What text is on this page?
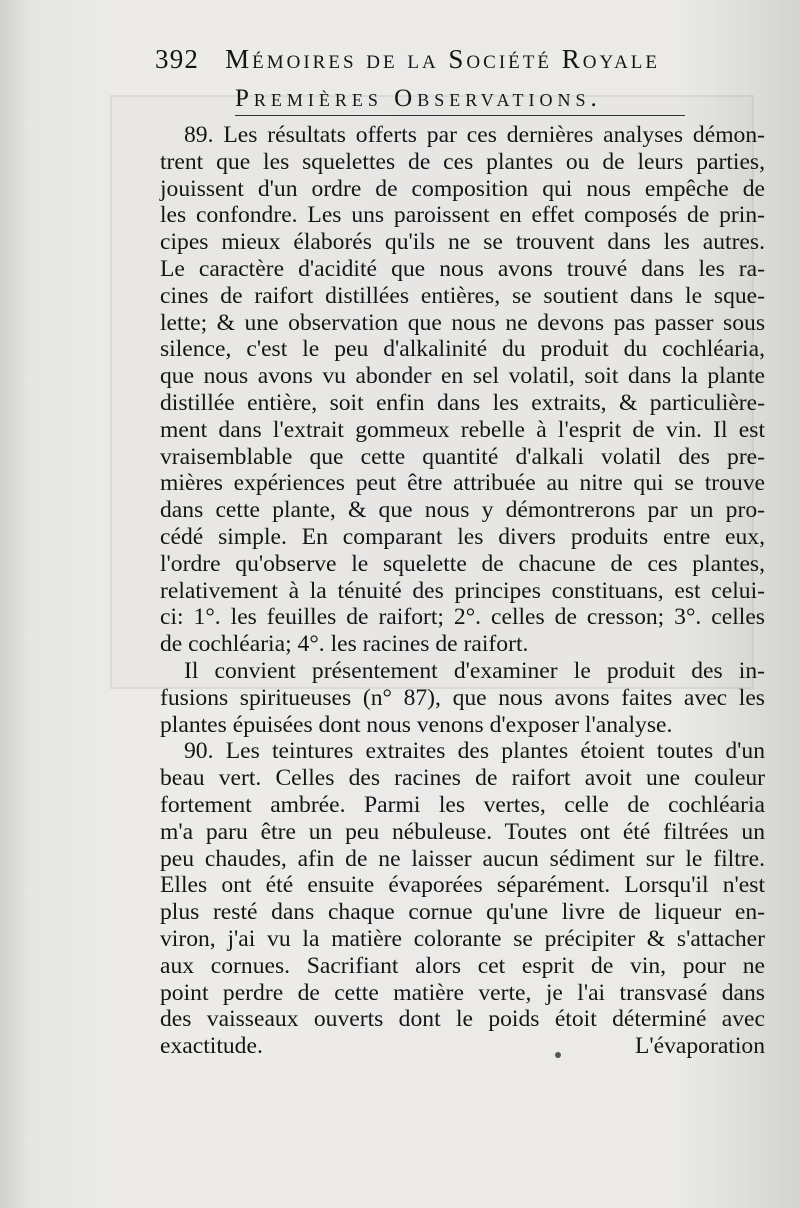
392 Mémoires de la Société Royale
Premières Observations.

89. Les résultats offerts par ces dernières analyses démon-

trent que les squelettes de ces plantes ou de leurs parties,

jouissent d'un ordre de composition qui nous empêche de

les confondre. Les uns paroissent en effet composés de prin-

cipes mieux élaborés qu'ils ne se trouvent dans les autres.

Le caractère d'acidité que nous avons trouvé dans les ra-

cines de raifort distillées entières, se soutient dans le sque-

lette; & une observation que nous ne devons pas passer sous

silence, c'est le peu d'alkalinité du produit du cochléaria,

que nous avons vu abonder en sel volatil, soit dans la plante

distillée entière, soit enfin dans les extraits, & particulière-

ment dans l'extrait gommeux rebelle à l'esprit de vin. Il est

vraisemblable que cette quantité d'alkali volatil des pre-

mières expériences peut être attribuée au nitre qui se trouve

dans cette plante, & que nous y démontrerons par un pro-

cédé simple. En comparant les divers produits entre eux,

l'ordre qu'observe le squelette de chacune de ces plantes,

relativement à la ténuité des principes constituans, est celui-

ci: 1°. les feuilles de raifort; 2°. celles de cresson; 3°. celles

de cochléaria; 4°. les racines de raifort.

Il convient présentement d'examiner le produit des in-

fusions spiritueuses (n° 87), que nous avons faites avec les

plantes épuisées dont nous venons d'exposer l'analyse.

90. Les teintures extraites des plantes étoient toutes d'un

beau vert. Celles des racines de raifort avoit une couleur

fortement ambrée. Parmi les vertes, celle de cochléaria

m'a paru être un peu nébuleuse. Toutes ont été filtrées un

peu chaudes, afin de ne laisser aucun sédiment sur le filtre.

Elles ont été ensuite évaporées séparément. Lorsqu'il n'est

plus resté dans chaque cornue qu'une livre de liqueur en-

viron, j'ai vu la matière colorante se précipiter & s'attacher

aux cornues. Sacrifiant alors cet esprit de vin, pour ne

point perdre de cette matière verte, je l'ai transvasé dans

des vaisseaux ouverts dont le poids étoit déterminé avec

exactitude.	L'évaporation
